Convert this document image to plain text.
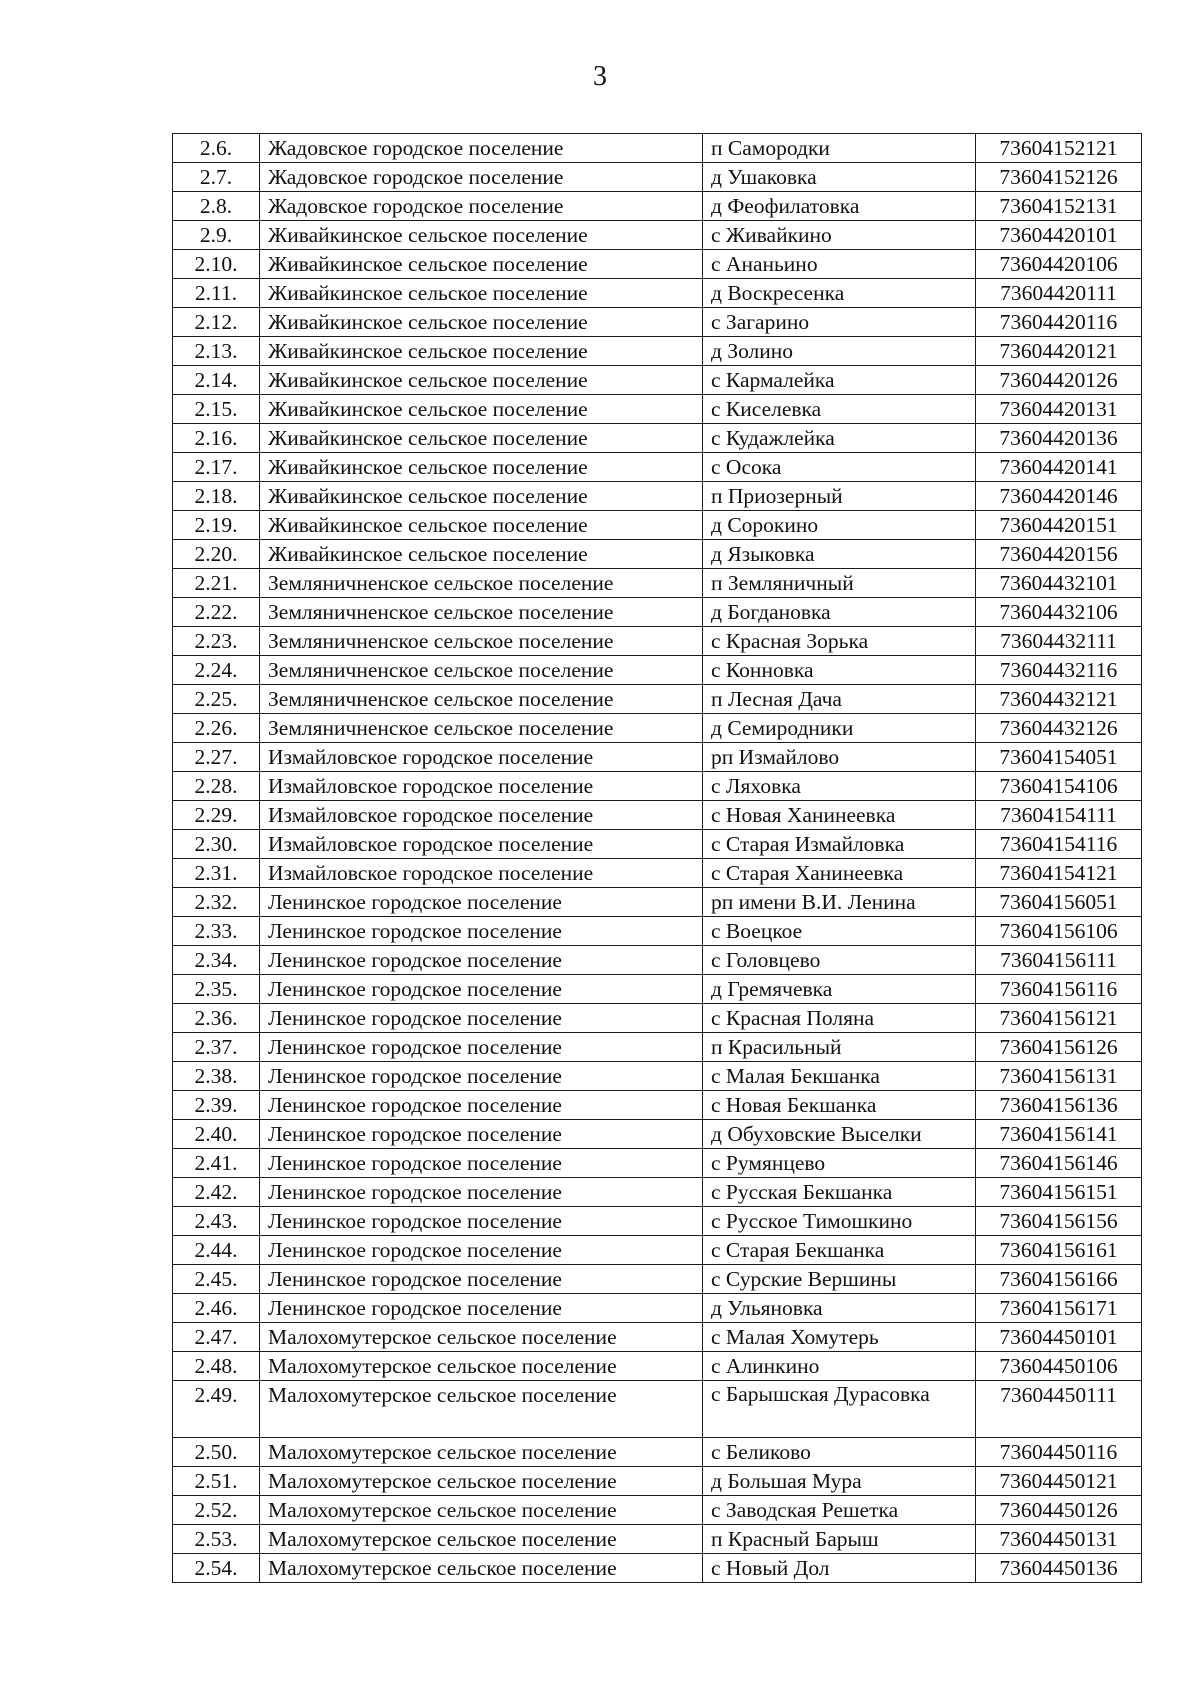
3
2.6.	Жадовское городское поселение	п Самородки	73604152121
2.7.	Жадовское городское поселение	д Ушаковка	73604152126
2.8.	Жадовское городское поселение	д Феофилатовка	73604152131
2.9.	Живайкинское сельское поселение	с Живайкино	73604420101
2.10.	Живайкинское сельское поселение	с Ананьино	73604420106
2.11.	Живайкинское сельское поселение	д Воскресенка	73604420111
2.12.	Живайкинское сельское поселение	с Загарино	73604420116
2.13.	Живайкинское сельское поселение	д Золино	73604420121
2.14.	Живайкинское сельское поселение	с Кармалейка	73604420126
2.15.	Живайкинское сельское поселение	с Киселевка	73604420131
2.16.	Живайкинское сельское поселение	с Кудажлейка	73604420136
2.17.	Живайкинское сельское поселение	с Осока	73604420141
2.18.	Живайкинское сельское поселение	п Приозерный	73604420146
2.19.	Живайкинское сельское поселение	д Сорокино	73604420151
2.20.	Живайкинское сельское поселение	д Языковка	73604420156
2.21.	Земляничненское сельское поселение	п Земляничный	73604432101
2.22.	Земляничненское сельское поселение	д Богдановка	73604432106
2.23.	Земляничненское сельское поселение	с Красная Зорька	73604432111
2.24.	Земляничненское сельское поселение	с Конновка	73604432116
2.25.	Земляничненское сельское поселение	п Лесная Дача	73604432121
2.26.	Земляничненское сельское поселение	д Семиродники	73604432126
2.27.	Измайловское городское поселение	рп Измайлово	73604154051
2.28.	Измайловское городское поселение	с Ляховка	73604154106
2.29.	Измайловское городское поселение	с Новая Ханинеевка	73604154111
2.30.	Измайловское городское поселение	с Старая Измайловка	73604154116
2.31.	Измайловское городское поселение	с Старая Ханинеевка	73604154121
2.32.	Ленинское городское поселение	рп имени В.И. Ленина	73604156051
2.33.	Ленинское городское поселение	с Воецкое	73604156106
2.34.	Ленинское городское поселение	с Головцево	73604156111
2.35.	Ленинское городское поселение	д Гремячевка	73604156116
2.36.	Ленинское городское поселение	с Красная Поляна	73604156121
2.37.	Ленинское городское поселение	п Красильный	73604156126
2.38.	Ленинское городское поселение	с Малая Бекшанка	73604156131
2.39.	Ленинское городское поселение	с Новая Бекшанка	73604156136
2.40.	Ленинское городское поселение	д Обуховские Выселки	73604156141
2.41.	Ленинское городское поселение	с Румянцево	73604156146
2.42.	Ленинское городское поселение	с Русская Бекшанка	73604156151
2.43.	Ленинское городское поселение	с Русское Тимошкино	73604156156
2.44.	Ленинское городское поселение	с Старая Бекшанка	73604156161
2.45.	Ленинское городское поселение	с Сурские Вершины	73604156166
2.46.	Ленинское городское поселение	д Ульяновка	73604156171
2.47.	Малохомутерское сельское поселение	с Малая Хомутерь	73604450101
2.48.	Малохомутерское сельское поселение	с Алинкино	73604450106
2.49.	Малохомутерское сельское поселение	с Барышская Дурасовка	73604450111
2.50.	Малохомутерское сельское поселение	с Беликово	73604450116
2.51.	Малохомутерское сельское поселение	д Большая Мура	73604450121
2.52.	Малохомутерское сельское поселение	с Заводская Решетка	73604450126
2.53.	Малохомутерское сельское поселение	п Красный Барыш	73604450131
2.54.	Малохомутерское сельское поселение	с Новый Дол	73604450136
